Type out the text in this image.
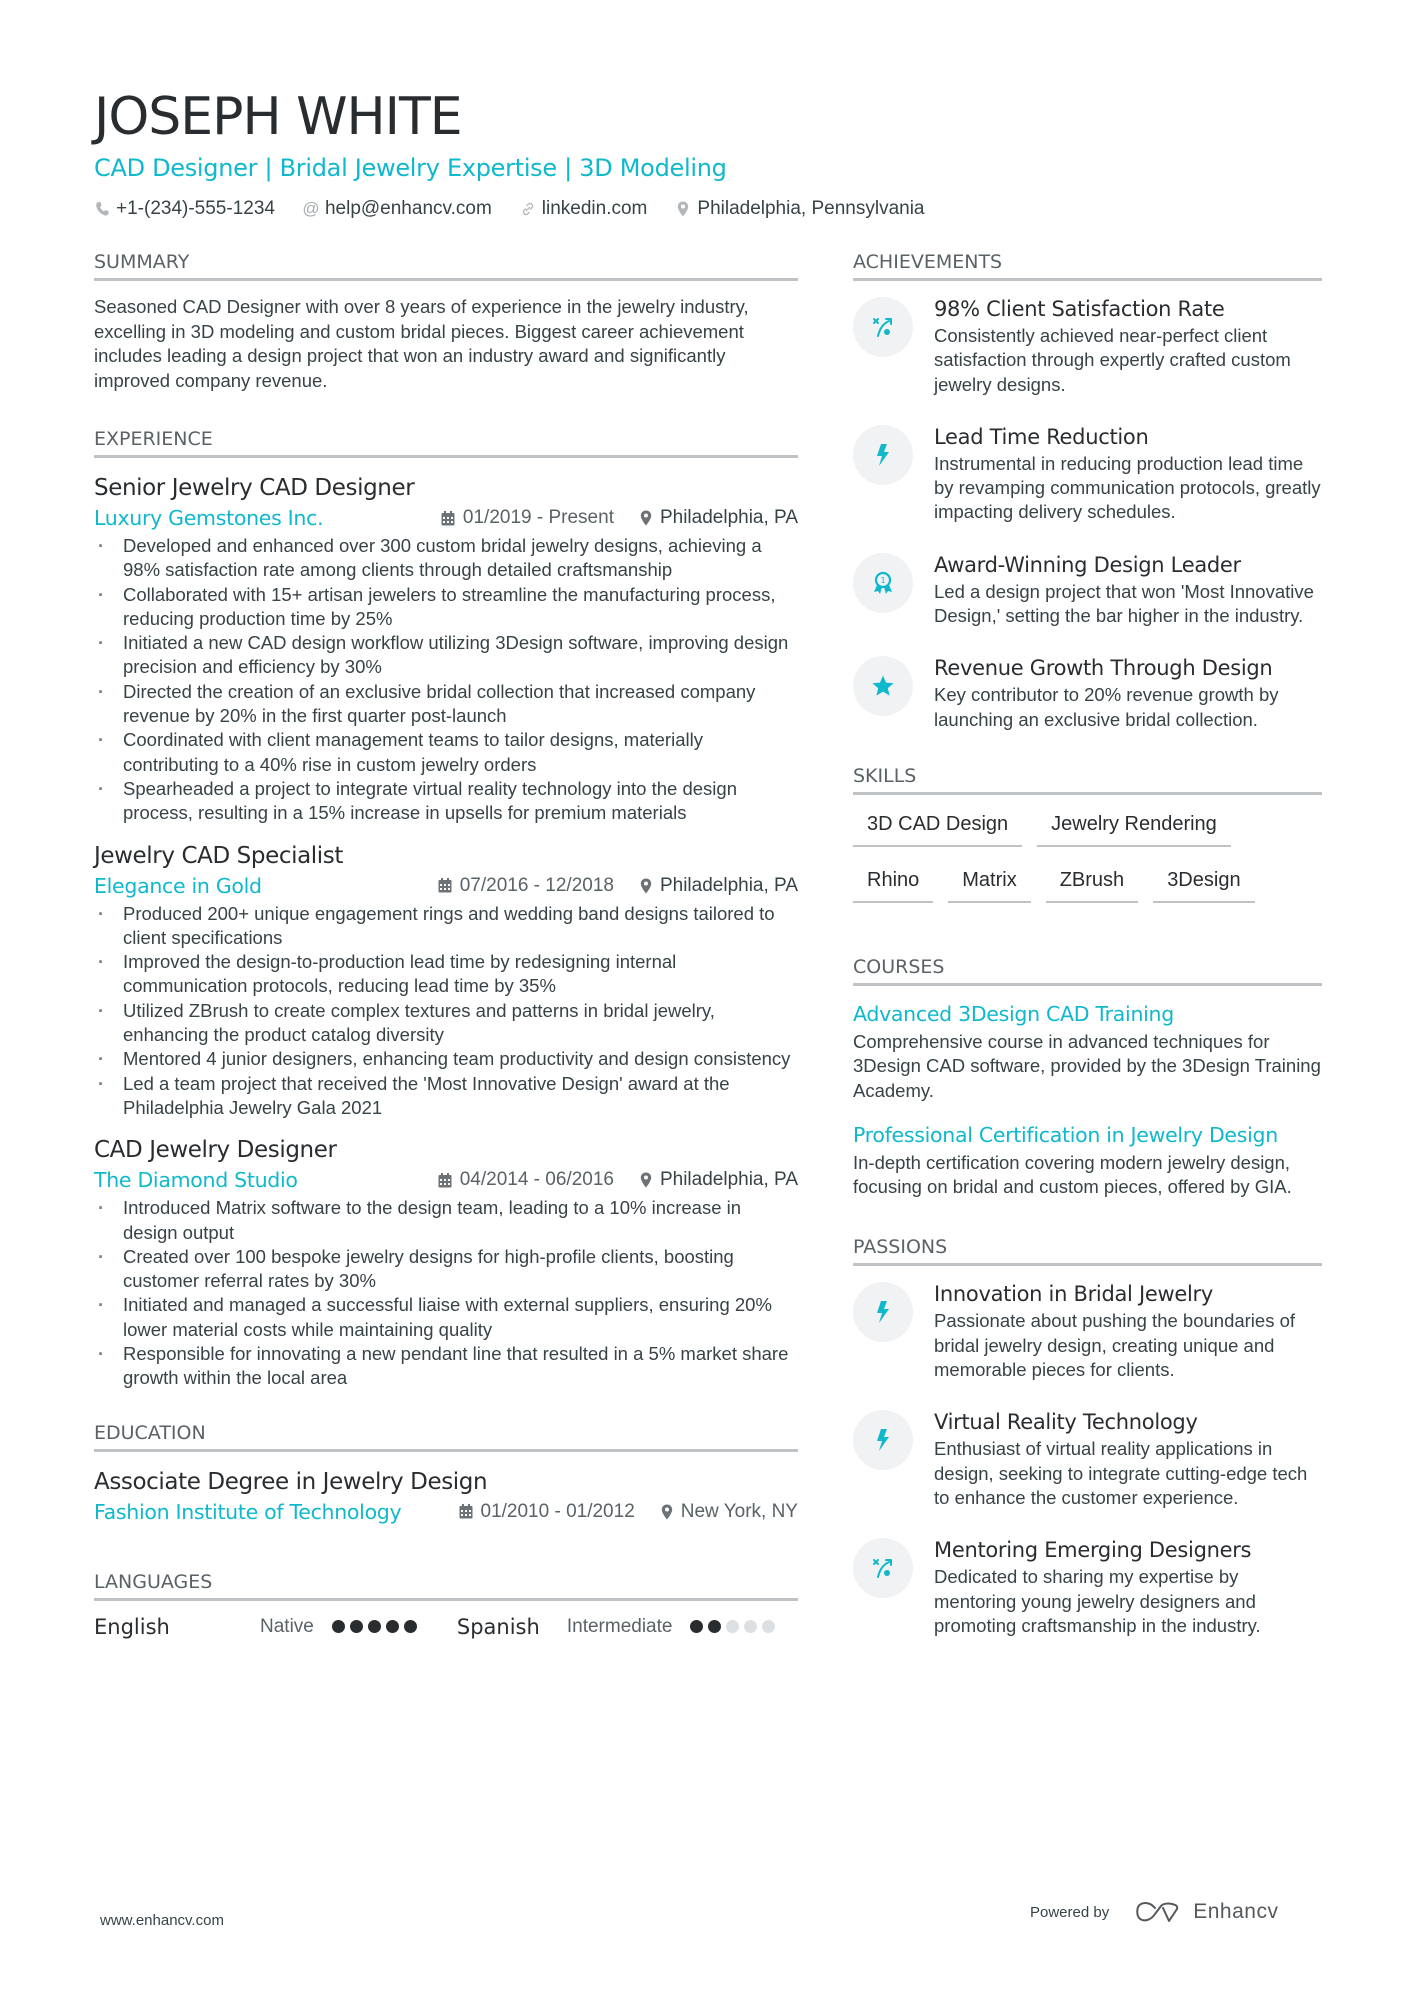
JOSEPH WHITE
CAD Designer | Bridal Jewelry Expertise | 3D Modeling
+1-(234)-555-1234 @ help@enhancv.com	linkedin.com	Philadelphia, Pennsylvania
SUMMARY

Seasoned CAD Designer with over 8 years of experience in the jewelry industry, excelling in 3D modeling and custom bridal pieces. Biggest career achievement includes leading a design project that won an industry award and significantly improved company revenue.

EXPERIENCE
Senior Jewelry CAD Designer
Luxury Gemstones Inc.	01/2019 - Present Philadelphia, PA
· Developed and enhanced over 300 custom bridal jewelry designs, achieving a 98% satisfaction rate among clients through detailed craftsmanship
· Collaborated with 15+ artisan jewelers to streamline the manufacturing process, reducing production time by 25%
· Initiated a new CAD design workflow utilizing 3Design software, improving design precision and efficiency by 30%
· Directed the creation of an exclusive bridal collection that increased company revenue by 20% in the first quarter post-launch
· Coordinated with client management teams to tailor designs, materially contributing to a 40% rise in custom jewelry orders
· Spearheaded a project to integrate virtual reality technology into the design process, resulting in a 15% increase in upsells for premium materials
Jewelry CAD Specialist
Elegance in Gold	07/2016 - 12/2018 Philadelphia, PA
· Produced 200+ unique engagement rings and wedding band designs tailored to client specifications
· Improved the design-to-production lead time by redesigning internal communication protocols, reducing lead time by 35%
· Utilized ZBrush to create complex textures and patterns in bridal jewelry, enhancing the product catalog diversity
· Mentored 4 junior designers, enhancing team productivity and design consistency
· Led a team project that received the 'Most Innovative Design' award at the Philadelphia Jewelry Gala 2021
CAD Jewelry Designer
The Diamond Studio	04/2014 - 06/2016 Philadelphia, PA
· Introduced Matrix software to the design team, leading to a 10% increase in design output
· Created over 100 bespoke jewelry designs for high-profile clients, boosting customer referral rates by 30%
· Initiated and managed a successful liaise with external suppliers, ensuring 20% lower material costs while maintaining quality
· Responsible for innovating a new pendant line that resulted in a 5% market share growth within the local area
EDUCATION
Associate Degree in Jewelry Design
Fashion Institute of Technology	01/2010 - 01/2012 New York, NY
LANGUAGES
English	Native	Spanish	Intermediate
ACHIEVEMENTS
98% Client Satisfaction Rate
Consistently achieved near-perfect client satisfaction through expertly crafted custom jewelry designs.
Lead Time Reduction
Instrumental in reducing production lead time by revamping communication protocols, greatly impacting delivery schedules.
1
Award-Winning Design Leader
Led a design project that won 'Most Innovative Design,' setting the bar higher in the industry.
Revenue Growth Through Design
Key contributor to 20% revenue growth by launching an exclusive bridal collection.
SKILLS
3D CAD Design	Jewelry Rendering
Rhino	Matrix	ZBrush	3Design
COURSES
Advanced 3Design CAD Training
Comprehensive course in advanced techniques for 3Design CAD software, provided by the 3Design Training Academy.
Professional Certification in Jewelry Design
In-depth certification covering modern jewelry design, focusing on bridal and custom pieces, offered by GIA.
PASSIONS
Innovation in Bridal Jewelry
Passionate about pushing the boundaries of bridal jewelry design, creating unique and memorable pieces for clients.
Virtual Reality Technology
Enthusiast of virtual reality applications in design, seeking to integrate cutting-edge tech to enhance the customer experience.
Mentoring Emerging Designers
Dedicated to sharing my expertise by mentoring young jewelry designers and promoting craftsmanship in the industry.
www.enhancv.com	Powered by	Enhancv
